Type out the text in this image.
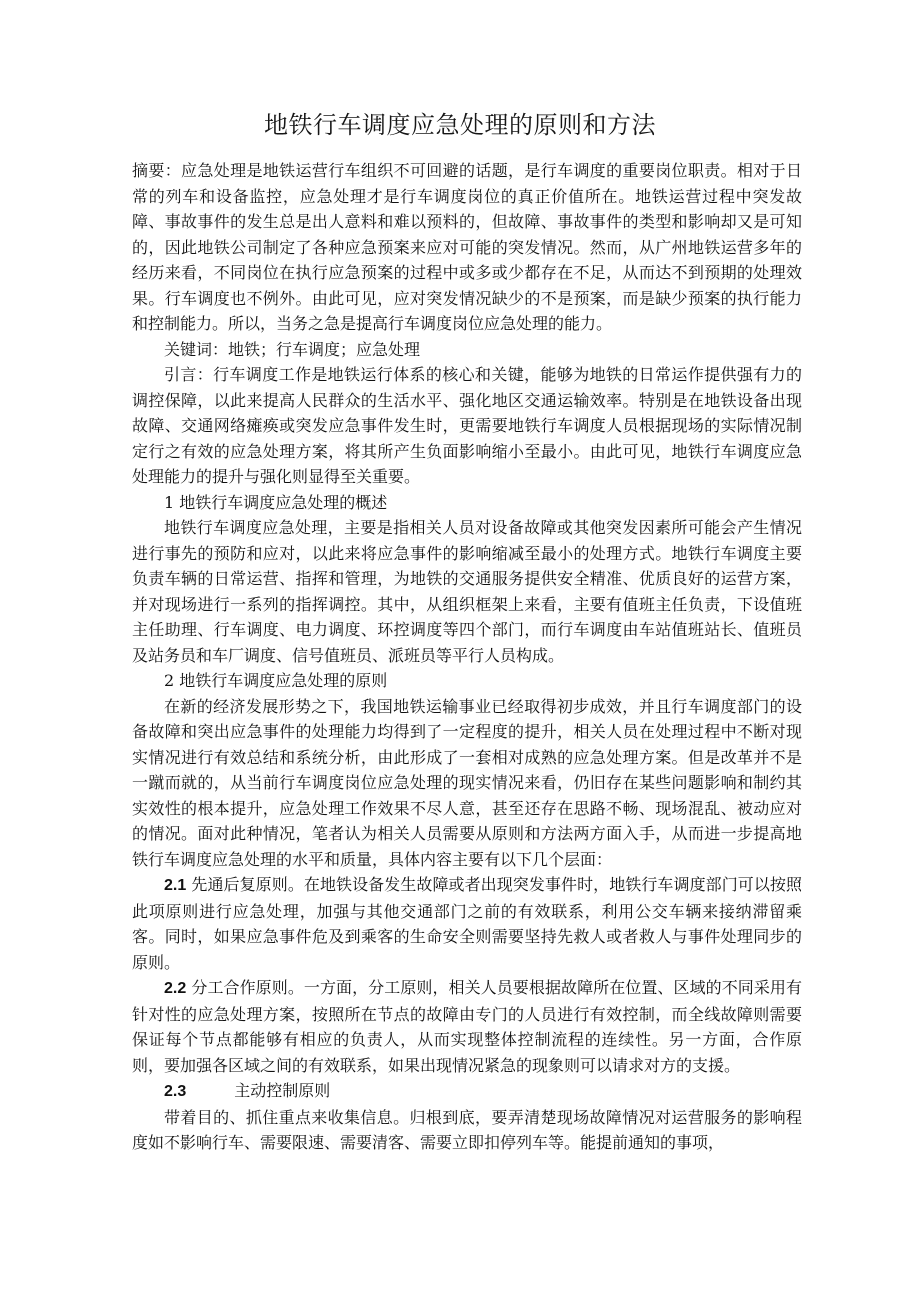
地铁行车调度应急处理的原则和方法

摘要：应急处理是地铁运营行车组织不可回避的话题，是行车调度的重要岗位职责。相对于日常的列车和设备监控，应急处理才是行车调度岗位的真正价值所在。地铁运营过程中突发故障、事故事件的发生总是出人意料和难以预料的，但故障、事故事件的类型和影响却又是可知的，因此地铁公司制定了各种应急预案来应对可能的突发情况。然而，从广州地铁运营多年的经历来看，不同岗位在执行应急预案的过程中或多或少都存在不足，从而达不到预期的处理效果。行车调度也不例外。由此可见，应对突发情况缺少的不是预案，而是缺少预案的执行能力和控制能力。所以，当务之急是提高行车调度岗位应急处理的能力。

关键词：地铁；行车调度；应急处理

引言：行车调度工作是地铁运行体系的核心和关键，能够为地铁的日常运作提供强有力的调控保障，以此来提高人民群众的生活水平、强化地区交通运输效率。特别是在地铁设备出现故障、交通网络瘫痪或突发应急事件发生时，更需要地铁行车调度人员根据现场的实际情况制定行之有效的应急处理方案，将其所产生负面影响缩小至最小。由此可见，地铁行车调度应急处理能力的提升与强化则显得至关重要。

1 地铁行车调度应急处理的概述

地铁行车调度应急处理，主要是指相关人员对设备故障或其他突发因素所可能会产生情况进行事先的预防和应对，以此来将应急事件的影响缩减至最小的处理方式。地铁行车调度主要负责车辆的日常运营、指挥和管理，为地铁的交通服务提供安全精准、优质良好的运营方案，并对现场进行一系列的指挥调控。其中，从组织框架上来看，主要有值班主任负责，下设值班主任助理、行车调度、电力调度、环控调度等四个部门，而行车调度由车站值班站长、值班员及站务员和车厂调度、信号值班员、派班员等平行人员构成。

2 地铁行车调度应急处理的原则

在新的经济发展形势之下，我国地铁运输事业已经取得初步成效，并且行车调度部门的设备故障和突出应急事件的处理能力均得到了一定程度的提升，相关人员在处理过程中不断对现实情况进行有效总结和系统分析，由此形成了一套相对成熟的应急处理方案。但是改革并不是一蹴而就的，从当前行车调度岗位应急处理的现实情况来看，仍旧存在某些问题影响和制约其实效性的根本提升，应急处理工作效果不尽人意，甚至还存在思路不畅、现场混乱、被动应对的情况。面对此种情况，笔者认为相关人员需要从原则和方法两方面入手，从而进一步提高地铁行车调度应急处理的水平和质量，具体内容主要有以下几个层面：

2.1 先通后复原则。在地铁设备发生故障或者出现突发事件时，地铁行车调度部门可以按照此项原则进行应急处理，加强与其他交通部门之前的有效联系，利用公交车辆来接纳滞留乘客。同时，如果应急事件危及到乘客的生命安全则需要坚持先救人或者救人与事件处理同步的原则。

2.2 分工合作原则。一方面，分工原则，相关人员要根据故障所在位置、区域的不同采用有针对性的应急处理方案，按照所在节点的故障由专门的人员进行有效控制，而全线故障则需要保证每个节点都能够有相应的负责人，从而实现整体控制流程的连续性。另一方面，合作原则，要加强各区域之间的有效联系，如果出现情况紧急的现象则可以请求对方的支援。

2.3	主动控制原则

带着目的、抓住重点来收集信息。归根到底，要弄清楚现场故障情况对运营服务的影响程度如不影响行车、需要限速、需要清客、需要立即扣停列车等。能提前通知的事项，
